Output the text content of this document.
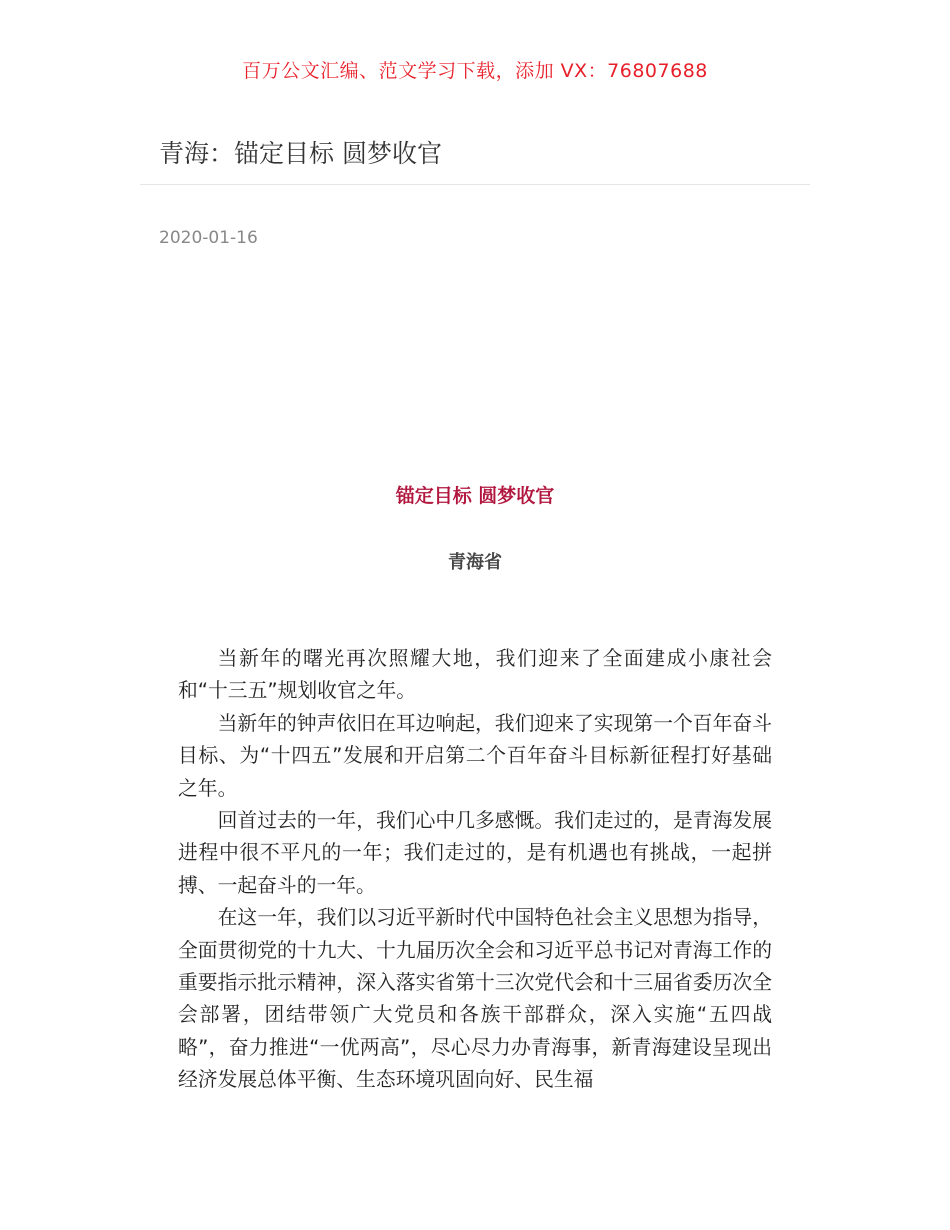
百万公文汇编、范文学习下载，添加 VX：76807688
青海：锚定目标 圆梦收官
2020-01-16
锚定目标 圆梦收官
青海省

当新年的曙光再次照耀大地，我们迎来了全面建成小康社会和“十三五”规划收官之年。

当新年的钟声依旧在耳边响起，我们迎来了实现第一个百年奋斗目标、为“十四五”发展和开启第二个百年奋斗目标新征程打好基础之年。

回首过去的一年，我们心中几多感慨。我们走过的，是青海发展进程中很不平凡的一年；我们走过的，是有机遇也有挑战，一起拼搏、一起奋斗的一年。

在这一年，我们以习近平新时代中国特色社会主义思想为指导，全面贯彻党的十九大、十九届历次全会和习近平总书记对青海工作的重要指示批示精神，深入落实省第十三次党代会和十三届省委历次全会部署，团结带领广大党员和各族干部群众，深入实施“五四战略”，奋力推进“一优两高”，尽心尽力办青海事，新青海建设呈现出经济发展总体平衡、生态环境巩固向好、民生福
